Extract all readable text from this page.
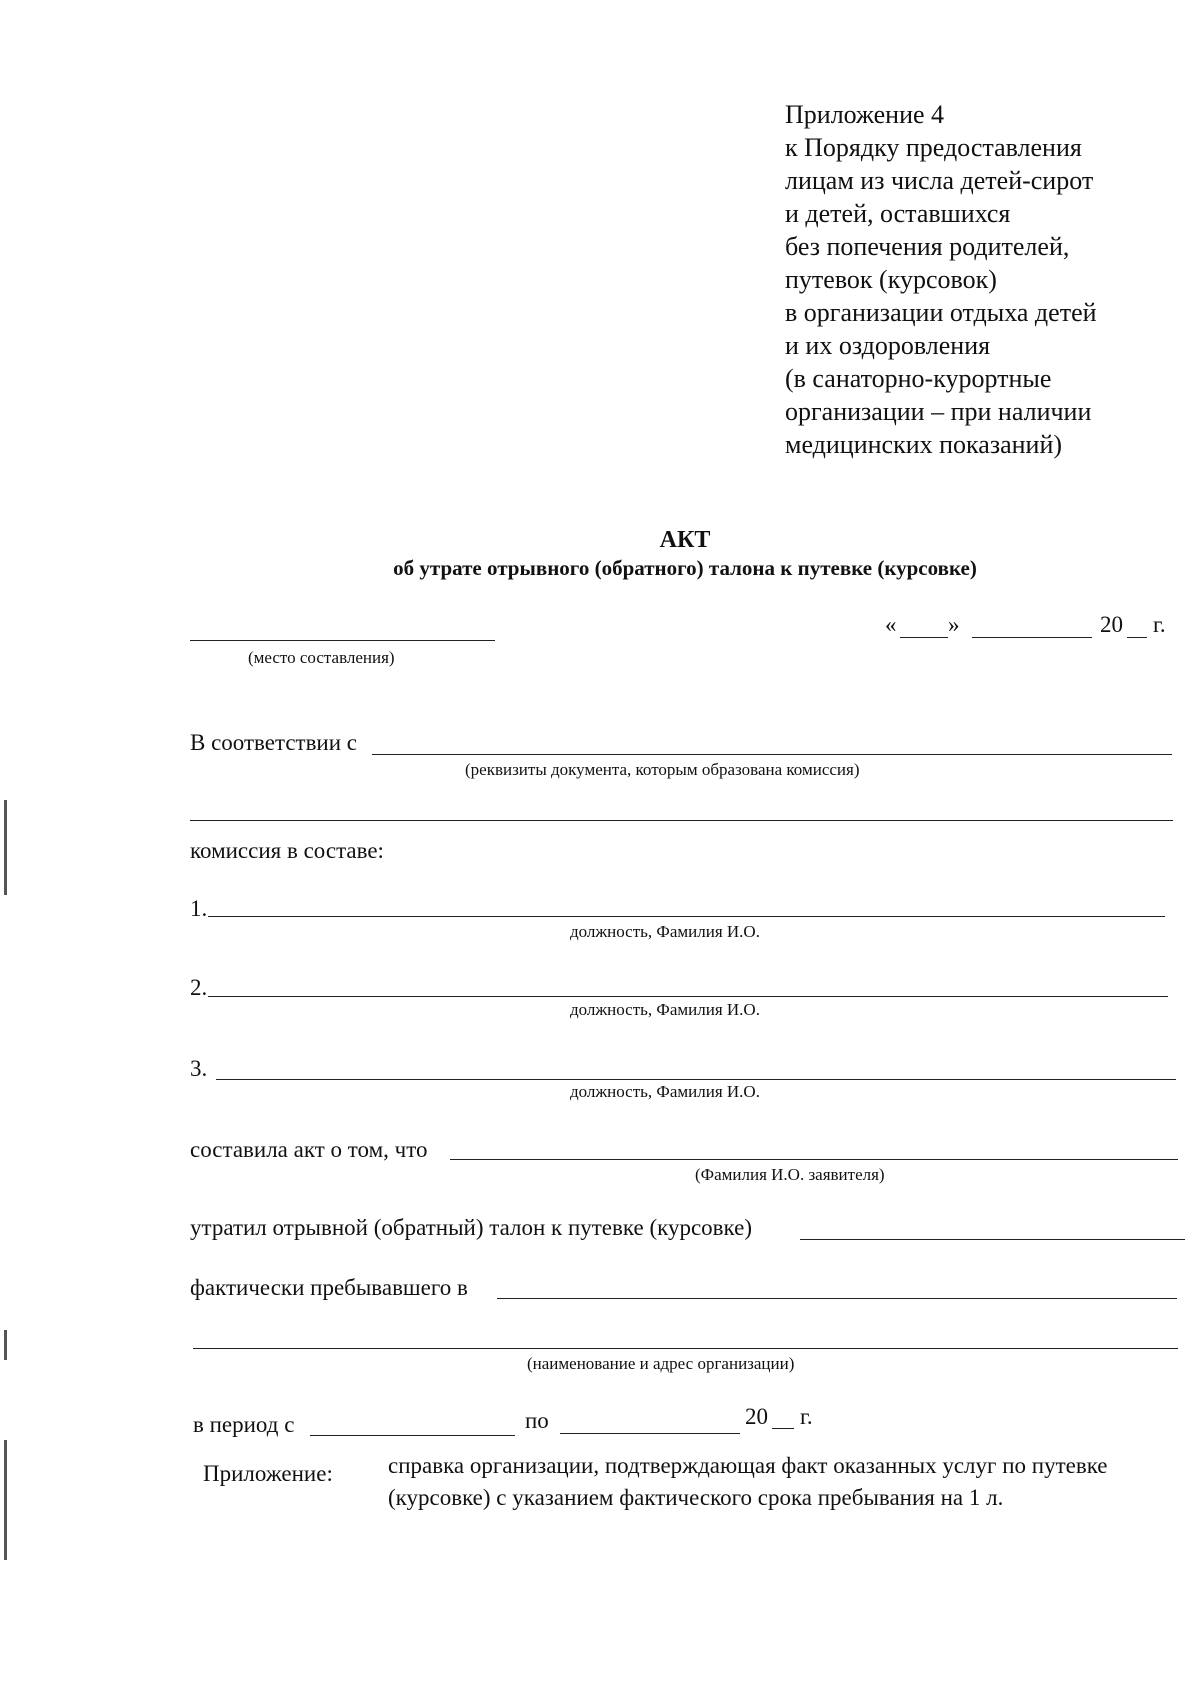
Приложение 4
к Порядку предоставления
лицам из числа детей-сирот
и детей, оставшихся
без попечения родителей,
путевок (курсовок)
в организации отдыха детей
и их оздоровления
(в санаторно-курортные
организации – при наличии
медицинских показаний)
АКТ
об утрате отрывного (обратного) талона к путевке (курсовке)
(место составления)
« »	20 г.
В соответствии с
(реквизиты документа, которым образована комиссия)
комиссия в составе:
1.
должность, Фамилия И.О.
2.
должность, Фамилия И.О.
3.
должность, Фамилия И.О.
составила акт о том, что
(Фамилия И.О. заявителя)
утратил отрывной (обратный) талон к путевке (курсовке)
фактически пребывавшего в
(наименование и адрес организации)
в период с	по	20 г.
Приложение: справка организации, подтверждающая факт оказанных услуг по путевке
(курсовке) с указанием фактического срока пребывания на 1 л.
